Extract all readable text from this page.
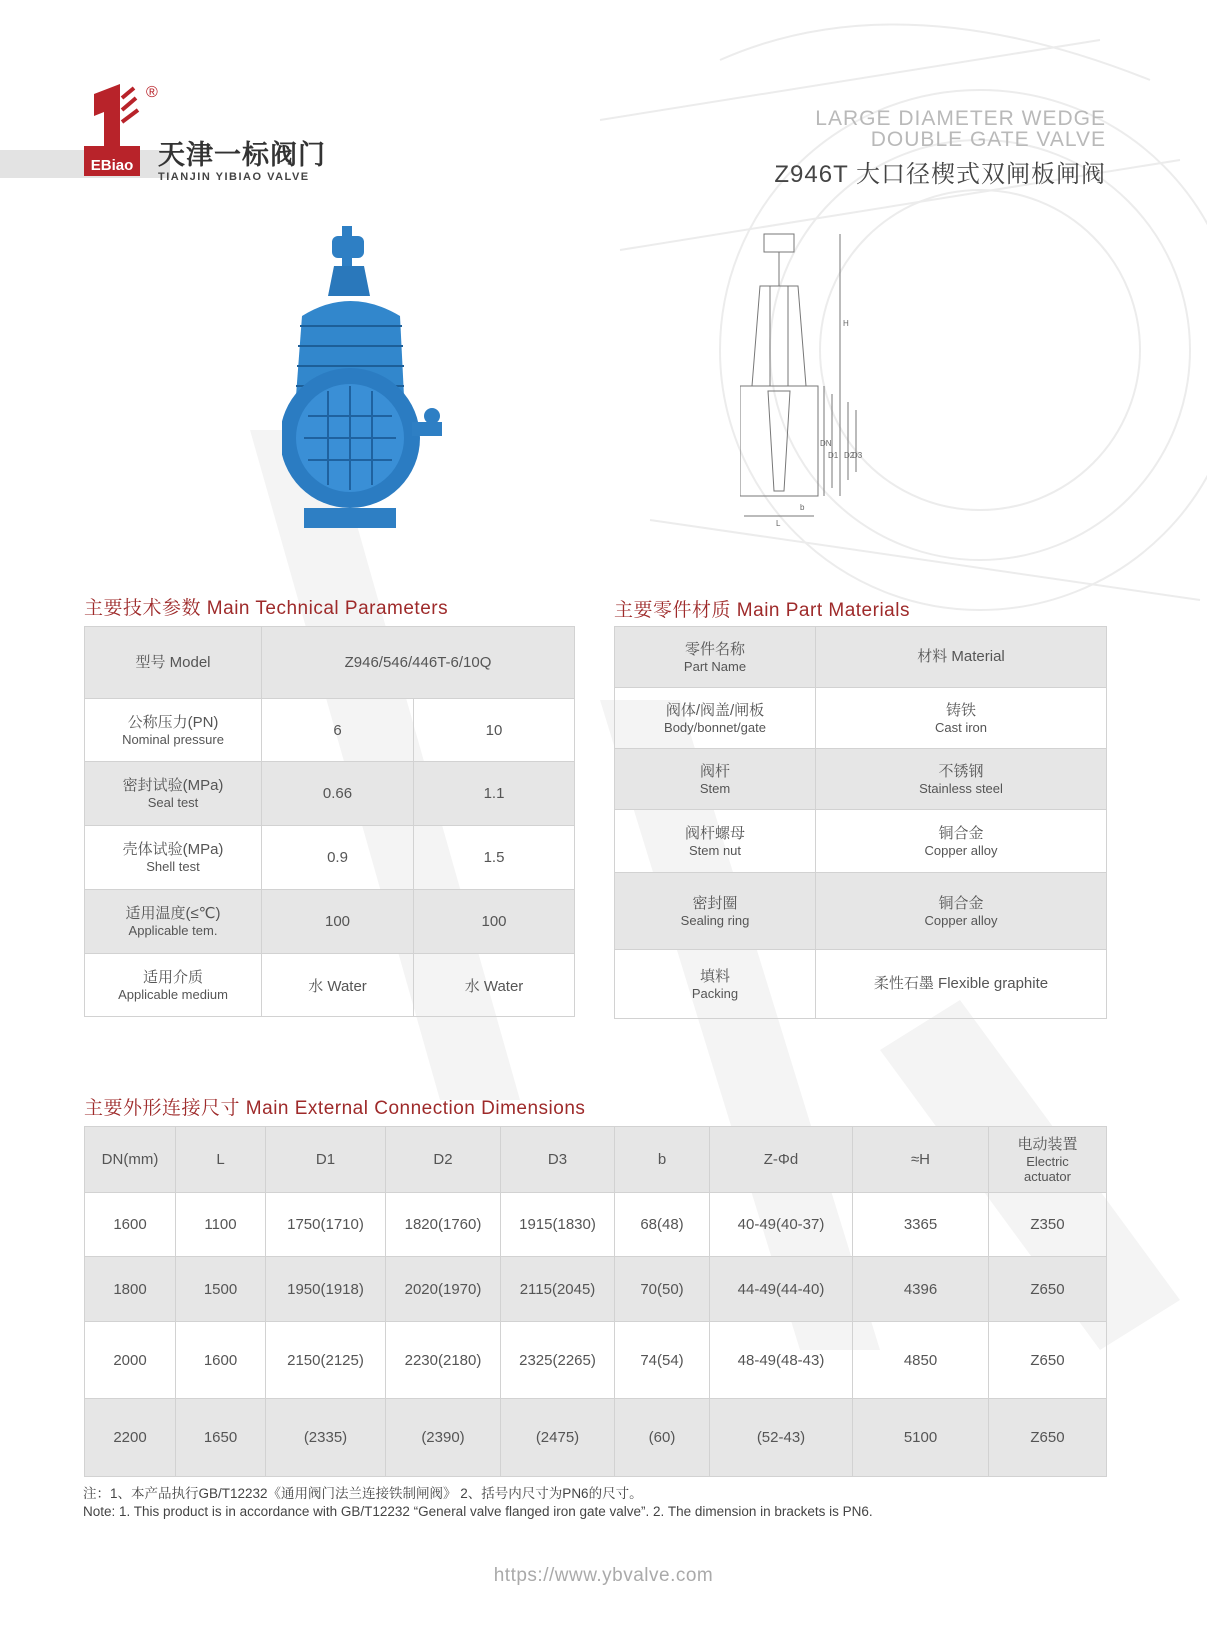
EBiao
®
天津一标阀门
TIANJIN YIBIAO VALVE
LARGE DIAMETER WEDGE
DOUBLE GATE VALVE
Z946T 大口径楔式双闸板闸阀
H
DN
D1 D2
D3
L
b
主要技术参数 Main Technical Parameters
型号 Model	Z946/546/446T-6/10Q	

公称压力(PN)
Nominal pressure	6	10

密封试验(MPa)
Seal test	0.66	1.1

壳体试验(MPa)
Shell test	0.9	1.5

适用温度(≤℃)
Applicable tem.	100	100

适用介质
Applicable medium	水 Water	水 Water
主要零件材质 Main Part Materials
零件名称
Part Name	材料 Material

阀体/阀盖/闸板
Body/bonnet/gate	铸铁
Cast iron

阀杆
Stem	不锈钢
Stainless steel

阀杆螺母
Stem nut	铜合金
Copper alloy

密封圈
Sealing ring	铜合金
Copper alloy

填料
Packing	柔性石墨 Flexible graphite
主要外形连接尺寸 Main External Connection Dimensions
DN(mm)	L	D1	D2	D3	b	Z-Φd	≈H	电动装置
Electric
actuator

1600	1100	1750(1710)	1820(1760)	1915(1830)	68(48)	40-49(40-37)	3365	Z350
1800	1500	1950(1918)	2020(1970)	2115(2045)	70(50)	44-49(44-40)	4396	Z650
2000	1600	2150(2125)	2230(2180)	2325(2265)	74(54)	48-49(48-43)	4850	Z650
2200	1650	(2335)	(2390)	(2475)	(60)	(52-43)	5100	Z650
注：1、本产品执行GB/T12232《通用阀门法兰连接铁制闸阀》 2、括号内尺寸为PN6的尺寸。
Note: 1. This product is in accordance with GB/T12232 “General valve flanged iron gate valve”. 2. The dimension in brackets is PN6.
https://www.ybvalve.com
